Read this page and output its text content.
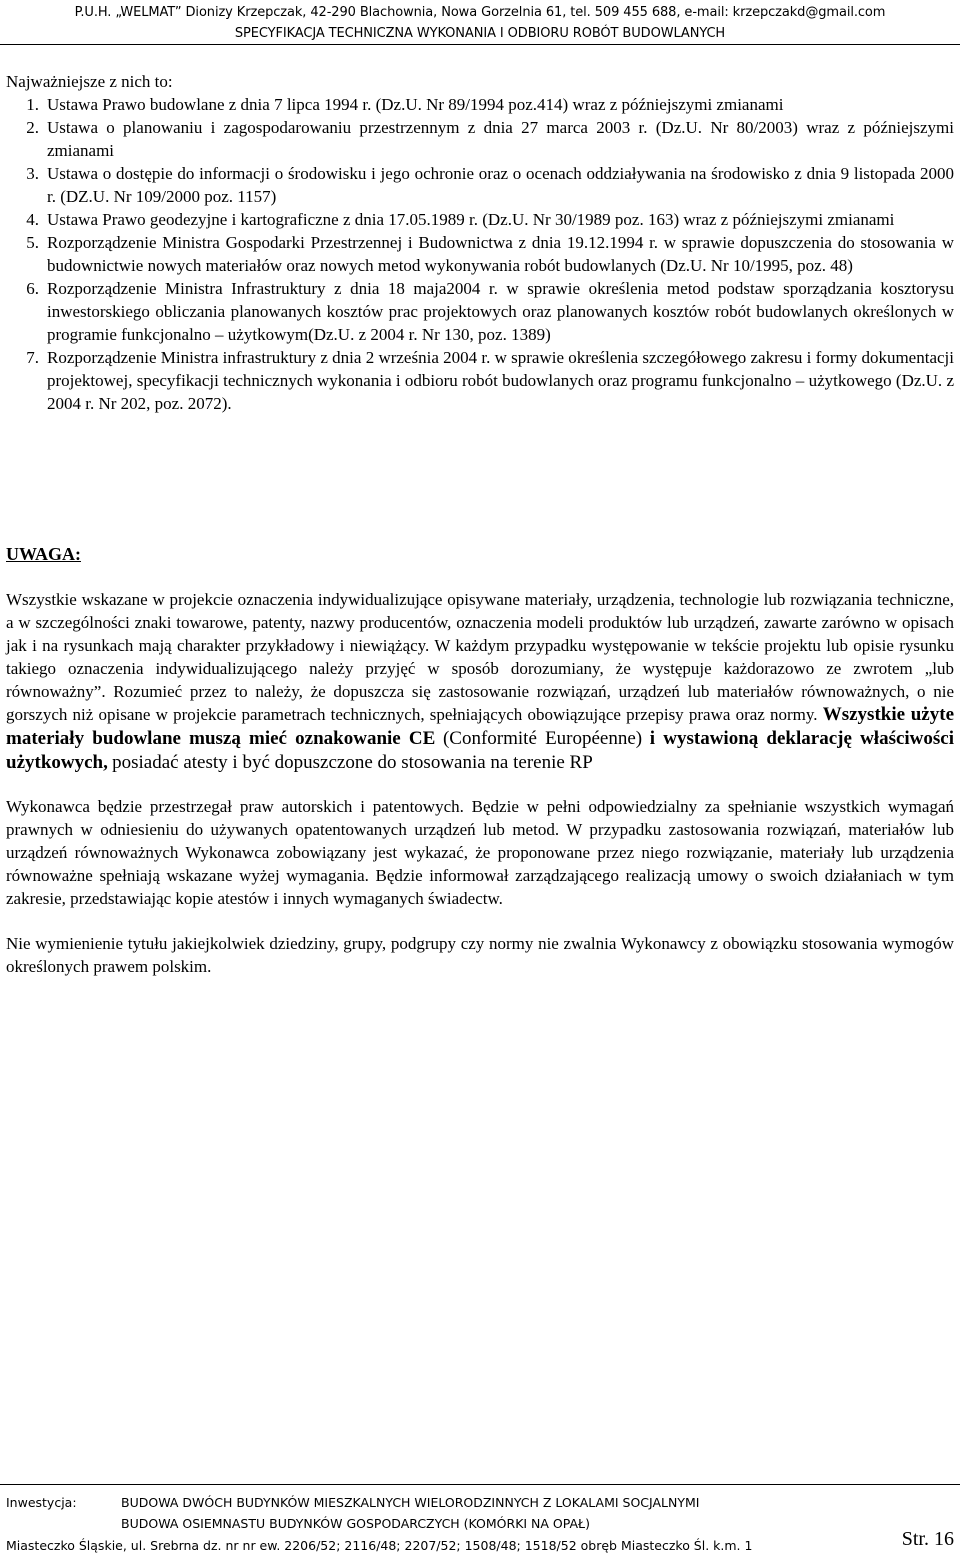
P.U.H. „WELMAT” Dionizy Krzepczak, 42-290 Blachownia, Nowa Gorzelnia 61, tel. 509 455 688, e-mail: krzepczakd@gmail.com
SPECYFIKACJA TECHNICZNA WYKONANIA I ODBIORU ROBÓT BUDOWLANYCH

Najważniejsze z nich to:

1. Ustawa Prawo budowlane z dnia 7 lipca 1994 r. (Dz.U. Nr 89/1994 poz.414) wraz z późniejszymi zmianami
2. Ustawa o planowaniu i zagospodarowaniu przestrzennym z dnia 27 marca 2003 r. (Dz.U. Nr 80/2003) wraz z późniejszymi zmianami
3. Ustawa o dostępie do informacji o środowisku i jego ochronie oraz o ocenach oddziaływania na środowisko z dnia 9 listopada 2000 r. (DZ.U. Nr 109/2000 poz. 1157)
4. Ustawa Prawo geodezyjne i kartograficzne z dnia 17.05.1989 r. (Dz.U. Nr 30/1989 poz. 163) wraz z późniejszymi zmianami
5. Rozporządzenie Ministra Gospodarki Przestrzennej i Budownictwa z dnia 19.12.1994 r. w sprawie dopuszczenia do stosowania w budownictwie nowych materiałów oraz nowych metod wykonywania robót budowlanych (Dz.U. Nr 10/1995, poz. 48)
6. Rozporządzenie Ministra Infrastruktury z dnia 18 maja2004 r. w sprawie określenia metod podstaw sporządzania kosztorysu inwestorskiego obliczania planowanych kosztów prac projektowych oraz planowanych kosztów robót budowlanych określonych w programie funkcjonalno – użytkowym(Dz.U. z 2004 r. Nr 130, poz. 1389)
7. Rozporządzenie Ministra infrastruktury z dnia 2 września 2004 r. w sprawie określenia szczegółowego zakresu i formy dokumentacji projektowej, specyfikacji technicznych wykonania i odbioru robót budowlanych oraz programu funkcjonalno – użytkowego (Dz.U. z 2004 r. Nr 202, poz. 2072).
UWAGA:

Wszystkie wskazane w projekcie oznaczenia indywidualizujące opisywane materiały, urządzenia, technologie lub rozwiązania techniczne, a w szczególności znaki towarowe, patenty, nazwy producentów, oznaczenia modeli produktów lub urządzeń, zawarte zarówno w opisach jak i na rysunkach mają charakter przykładowy i niewiążący. W każdym przypadku występowanie w tekście projektu lub opisie rysunku takiego oznaczenia indywidualizującego należy przyjęć w sposób dorozumiany, że występuje każdorazowo ze zwrotem „lub równoważny”. Rozumieć przez to należy, że dopuszcza się zastosowanie rozwiązań, urządzeń lub materiałów równoważnych, o nie gorszych niż opisane w projekcie parametrach technicznych, spełniających obowiązujące przepisy prawa oraz normy. Wszystkie użyte materiały budowlane muszą mieć oznakowanie CE (Conformité Européenne) i wystawioną deklarację właściwości użytkowych, posiadać atesty i być dopuszczone do stosowania na terenie RP

Wykonawca będzie przestrzegał praw autorskich i patentowych. Będzie w pełni odpowiedzialny za spełnianie wszystkich wymagań prawnych w odniesieniu do używanych opatentowanych urządzeń lub metod. W przypadku zastosowania rozwiązań, materiałów lub urządzeń równoważnych Wykonawca zobowiązany jest wykazać, że proponowane przez niego rozwiązanie, materiały lub urządzenia równoważne spełniają wskazane wyżej wymagania. Będzie informował zarządzającego realizacją umowy o swoich działaniach w tym zakresie, przedstawiając kopie atestów i innych wymaganych świadectw.

Nie wymienienie tytułu jakiejkolwiek dziedziny, grupy, podgrupy czy normy nie zwalnia Wykonawcy z obowiązku stosowania wymogów określonych prawem polskim.

Inwestycja:	BUDOWA DWÓCH BUDYNKÓW MIESZKALNYCH WIELORODZINNYCH Z LOKALAMI SOCJALNYMI
BUDOWA OSIEMNASTU BUDYNKÓW GOSPODARCZYCH (KOMÓRKI NA OPAŁ)
Miasteczko Śląskie, ul. Srebrna dz. nr nr ew. 2206/52; 2116/48; 2207/52; 1508/48; 1518/52 obręb Miasteczko Śl. k.m. 1	Str. 16
